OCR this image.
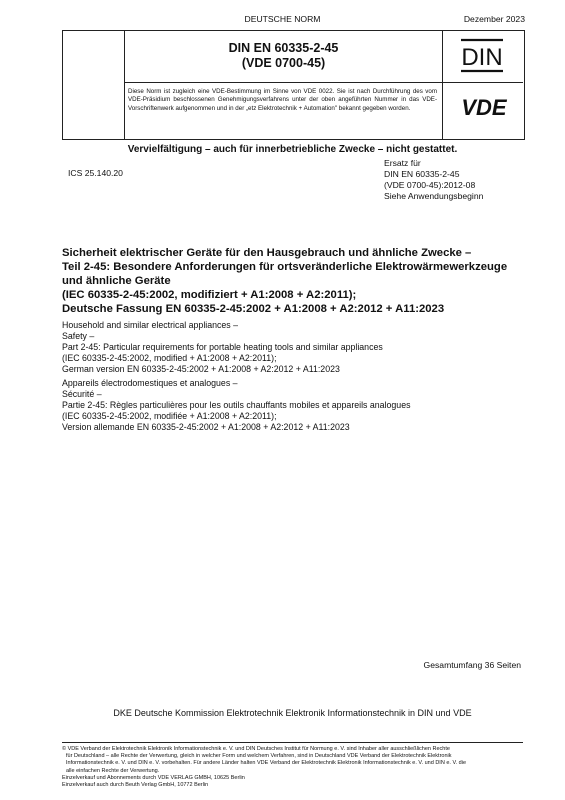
DEUTSCHE NORM	Dezember 2023
DIN EN 60335-2-45
(VDE 0700-45)	DIN
Diese Norm ist zugleich eine VDE-Bestimmung im Sinne von VDE 0022. Sie ist nach Durchführung des vom VDE-Präsidium beschlossenen Genehmigungsverfahrens unter der oben angeführten Nummer in das VDE-Vorschriftenwerk aufgenommen und in der „etz Elektrotechnik + Automation" bekannt gegeben worden.	VDE
Vervielfältigung – auch für innerbetriebliche Zwecke – nicht gestattet.
ICS 25.140.20
Ersatz für
DIN EN 60335-2-45
(VDE 0700-45):2012-08
Siehe Anwendungsbeginn
Sicherheit elektrischer Geräte für den Hausgebrauch und ähnliche Zwecke –
Teil 2-45: Besondere Anforderungen für ortsveränderliche Elektrowärmewerkzeuge
und ähnliche Geräte
(IEC 60335-2-45:2002, modifiziert + A1:2008 + A2:2011);
Deutsche Fassung EN 60335-2-45:2002 + A1:2008 + A2:2012 + A11:2023
Household and similar electrical appliances –
Safety –
Part 2-45: Particular requirements for portable heating tools and similar appliances
(IEC 60335-2-45:2002, modified + A1:2008 + A2:2011);
German version EN 60335-2-45:2002 + A1:2008 + A2:2012 + A11:2023
Appareils électrodomestiques et analogues –
Sécurité –
Partie 2-45: Règles particulières pour les outils chauffants mobiles et appareils analogues
(IEC 60335-2-45:2002, modifiée + A1:2008 + A2:2011);
Version allemande EN 60335-2-45:2002 + A1:2008 + A2:2012 + A11:2023
Gesamtumfang 36 Seiten
DKE Deutsche Kommission Elektrotechnik Elektronik Informationstechnik in DIN und VDE
© VDE Verband der Elektrotechnik Elektronik Informationstechnik e. V. und DIN Deutsches Institut für Normung e. V. sind Inhaber aller ausschließlichen Rechte
für Deutschland – alle Rechte der Verwertung, gleich in welcher Form und welchem Verfahren, sind in Deutschland VDE Verband der Elektrotechnik Elektronik
Informationstechnik e. V. und DIN e. V. vorbehalten. Für andere Länder halten VDE Verband der Elektrotechnik Elektronik Informationstechnik e. V. und DIN e. V. die
alle einfachen Rechte der Verwertung.
Einzelverkauf und Abonnements durch VDE VERLAG GMBH, 10625 Berlin
Einzelverkauf auch durch Beuth Verlag GmbH, 10772 Berlin
